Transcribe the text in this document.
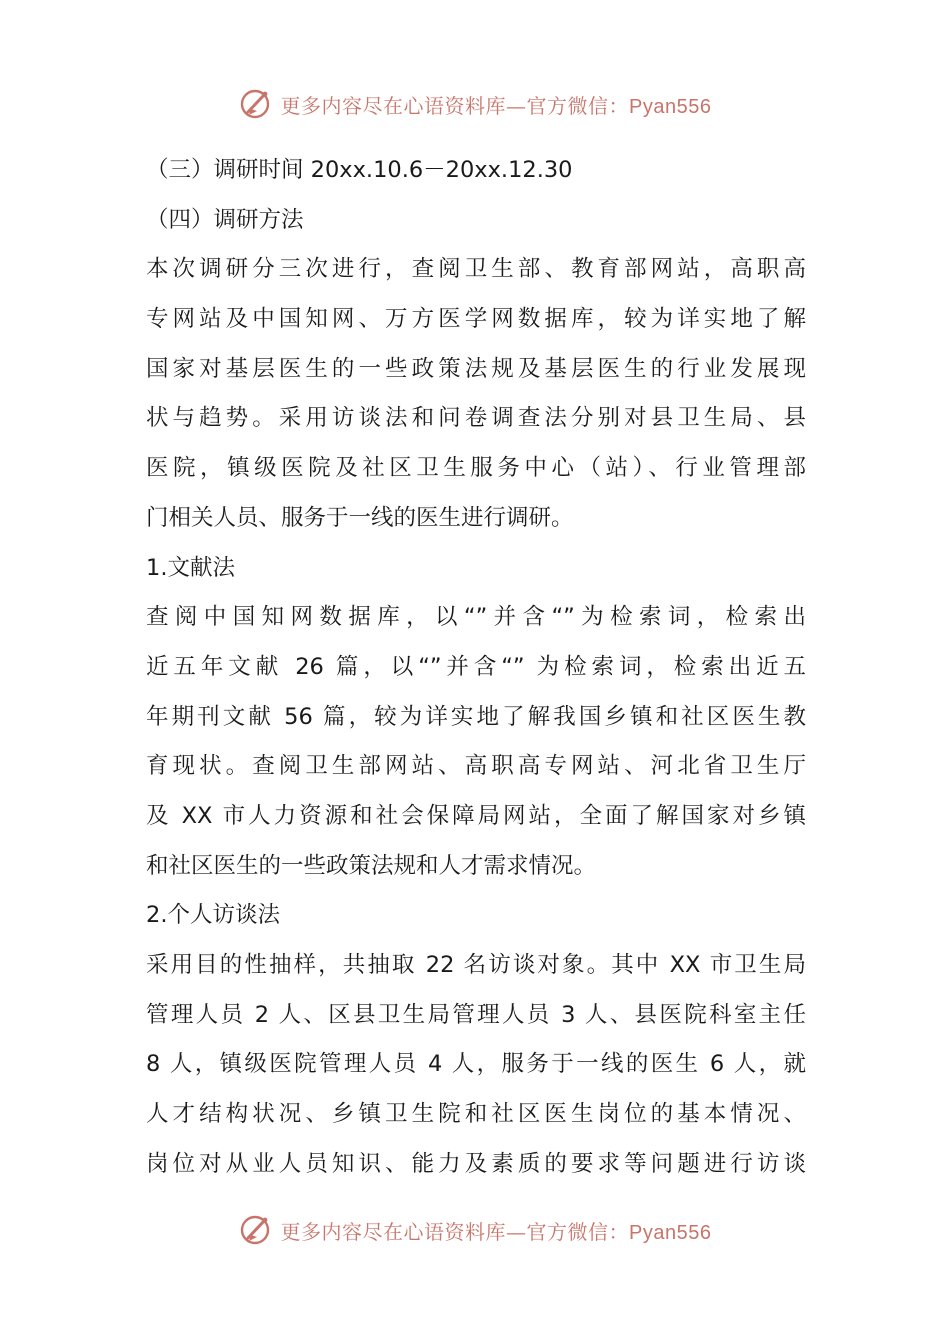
更多内容尽在心语资料库—官方微信：Pyan556
（三）调研时间 20xx.10.6－20xx.12.30
（四）调研方法
本次调研分三次进行，查阅卫生部、教育部网站，高职高
专网站及中国知网、万方医学网数据库，较为详实地了解
国家对基层医生的一些政策法规及基层医生的行业发展现
状与趋势。采用访谈法和问卷调查法分别对县卫生局、县
医院，镇级医院及社区卫生服务中心（站）、行业管理部
门相关人员、服务于一线的医生进行调研。
1.文献法
查阅中国知网数据库，以“”并含“”为检索词，检索出
近五年文献 26 篇，以“”并含“” 为检索词，检索出近五
年期刊文献 56 篇，较为详实地了解我国乡镇和社区医生教
育现状。查阅卫生部网站、高职高专网站、河北省卫生厅
及 XX 市人力资源和社会保障局网站，全面了解国家对乡镇
和社区医生的一些政策法规和人才需求情况。
2.个人访谈法
采用目的性抽样，共抽取 22 名访谈对象。其中 XX 市卫生局
管理人员 2 人、区县卫生局管理人员 3 人、县医院科室主任
8 人，镇级医院管理人员 4 人，服务于一线的医生 6 人，就
人才结构状况、乡镇卫生院和社区医生岗位的基本情况、
岗位对从业人员知识、能力及素质的要求等问题进行访谈
更多内容尽在心语资料库—官方微信：Pyan556
